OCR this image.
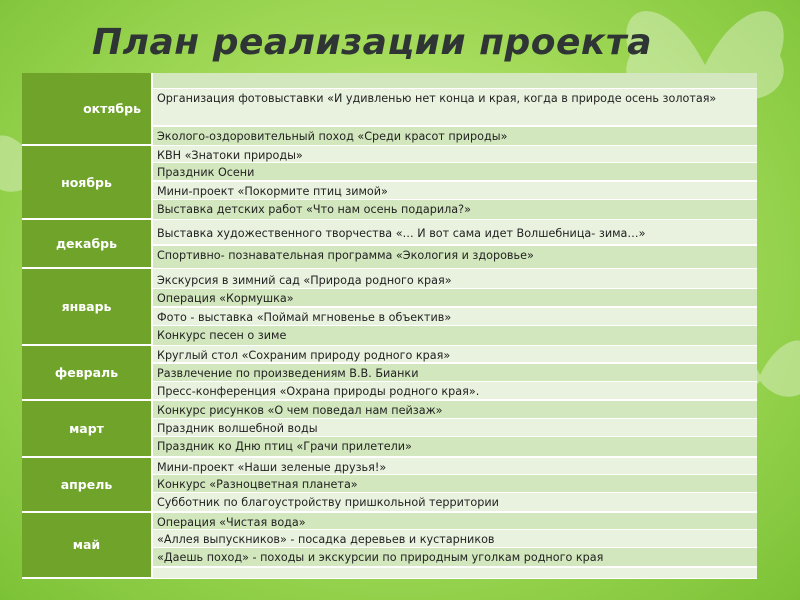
План реализации проекта
октябрь
ноябрь
декабрь
январь
февраль
март
апрель
май
Организация фотовыставки «И удивленью нет конца и края, когда в природе осень золотая»
Эколого-оздоровительный поход «Среди красот природы»
КВН «Знатоки природы»
Праздник Осени
Мини-проект «Покормите птиц зимой»
Выставка детских работ «Что нам осень подарила?»
Выставка художественного творчества «… И вот сама идет Волшебница- зима…»
Спортивно- познавательная программа «Экология и здоровье»
Экскурсия в зимний сад «Природа родного края»
Операция «Кормушка»
Фото - выставка «Поймай мгновенье в объектив»
Конкурс песен о зиме
Круглый стол «Сохраним природу родного края»
Развлечение по произведениям В.В. Бианки
Пресс-конференция «Охрана природы родного края».
Конкурс рисунков «О чем поведал нам пейзаж»
Праздник волшебной воды
Праздник ко Дню птиц «Грачи прилетели»
Мини-проект «Наши зеленые друзья!»
Конкурс «Разноцветная планета»
Субботник по благоустройству пришкольной территории
Операция «Чистая вода»
«Аллея выпускников» - посадка деревьев и кустарников
«Даешь поход» - походы и экскурсии по природным уголкам родного края
